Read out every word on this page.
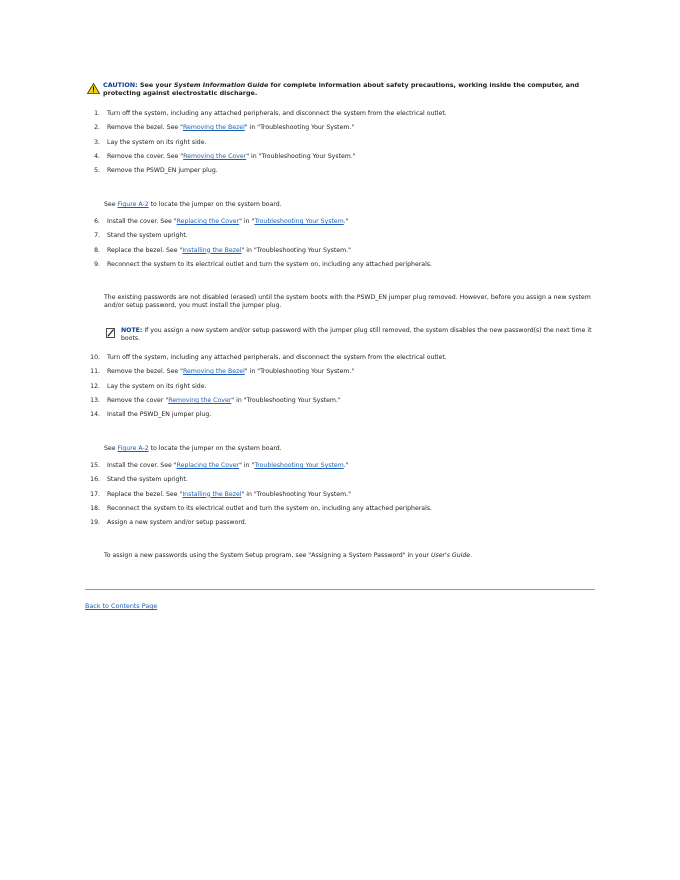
CAUTION: See your System Information Guide for complete information about safety precautions, working inside the computer, and protecting against electrostatic discharge.
1. Turn off the system, including any attached peripherals, and disconnect the system from the electrical outlet.
2. Remove the bezel. See "Removing the Bezel" in "Troubleshooting Your System."
3. Lay the system on its right side.
4. Remove the cover. See "Removing the Cover" in "Troubleshooting Your System."
5. Remove the PSWD_EN jumper plug.
See Figure A-2 to locate the jumper on the system board.
6. Install the cover. See "Replacing the Cover" in "Troubleshooting Your System."
7. Stand the system upright.
8. Replace the bezel. See "Installing the Bezel" in "Troubleshooting Your System."
9. Reconnect the system to its electrical outlet and turn the system on, including any attached peripherals.
The existing passwords are not disabled (erased) until the system boots with the PSWD_EN jumper plug removed. However, before you assign a new system and/or setup password, you must install the jumper plug.
NOTE: If you assign a new system and/or setup password with the jumper plug still removed, the system disables the new password(s) the next time it boots.
10. Turn off the system, including any attached peripherals, and disconnect the system from the electrical outlet.
11. Remove the bezel. See "Removing the Bezel" in "Troubleshooting Your System."
12. Lay the system on its right side.
13. Remove the cover "Removing the Cover" in "Troubleshooting Your System."
14. Install the PSWD_EN jumper plug.
See Figure A-2 to locate the jumper on the system board.
15. Install the cover. See "Replacing the Cover" in "Troubleshooting Your System."
16. Stand the system upright.
17. Replace the bezel. See "Installing the Bezel" in "Troubleshooting Your System."
18. Reconnect the system to its electrical outlet and turn the system on, including any attached peripherals.
19. Assign a new system and/or setup password.
To assign a new passwords using the System Setup program, see "Assigning a System Password" in your User's Guide.
Back to Contents Page
